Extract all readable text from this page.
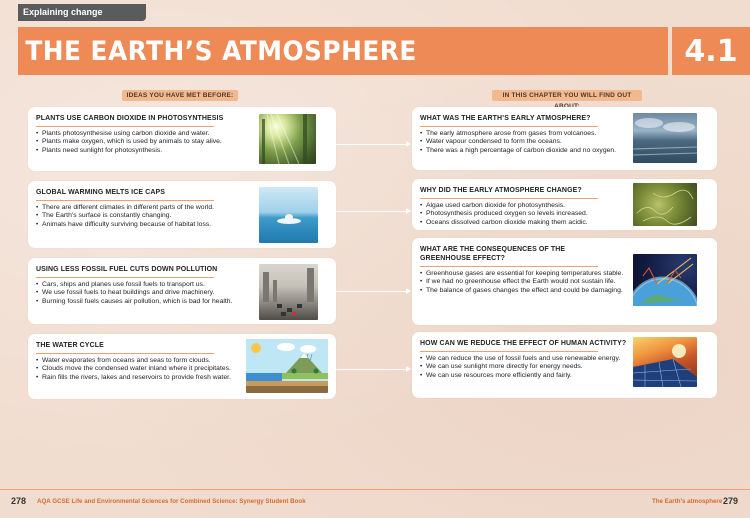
Explaining change
THE EARTH’S ATMOSPHERE	4.1
IDEAS YOU HAVE MET BEFORE:	IN THIS CHAPTER YOU WILL FIND OUT
PLANTS USE CARBON DIOXIDE IN PHOTOSYNTHESIS
• Plants photosynthesise using carbon dioxide and water.
• Plants make oxygen, which is used by animals to stay alive.
• Plants need sunlight for photosynthesis.
GLOBAL WARMING MELTS ICE CAPS
• There are different climates in different parts of the world.
• The Earth’s surface is constantly changing.
• Animals have difficulty surviving because of habitat loss.
USING LESS FOSSIL FUEL CUTS DOWN POLLUTION
• Cars, ships and planes use fossil fuels to transport us.
• We use fossil fuels to heat buildings and drive machinery.
• Burning fossil fuels causes air pollution, which is bad for health.
THE WATER CYCLE
• Water evaporates from oceans and seas to form clouds.
• Clouds move the condensed water inland where it precipitates.
• Rain fills the rivers, lakes and reservoirs to provide fresh water.
WHAT WAS THE EARTH’S EARLY ATMOSPHERE?
• The early atmosphere arose from gases from volcanoes.
• Water vapour condensed to form the oceans.
• There was a high percentage of carbon dioxide and no oxygen.
WHY DID THE EARLY ATMOSPHERE CHANGE?
• Algae used carbon dioxide for photosynthesis.
• Photosynthesis produced oxygen so levels increased.
• Oceans dissolved carbon dioxide making them acidic.
WHAT ARE THE CONSEQUENCES OF THE GREENHOUSE EFFECT?
• Greenhouse gases are essential for keeping temperatures stable.
• If we had no greenhouse effect the Earth would not sustain life.
• The balance of gases changes the effect and could be damaging.
HOW CAN WE REDUCE THE EFFECT OF HUMAN ACTIVITY?
• We can reduce the use of fossil fuels and use renewable energy.
• We can use sunlight more directly for energy needs.
• We can use resources more efficiently and fairly.
278 AQA GCSE Life and Environmental Sciences for Combined Science: Synergy Student Book	The Earth’s atmosphere 279
